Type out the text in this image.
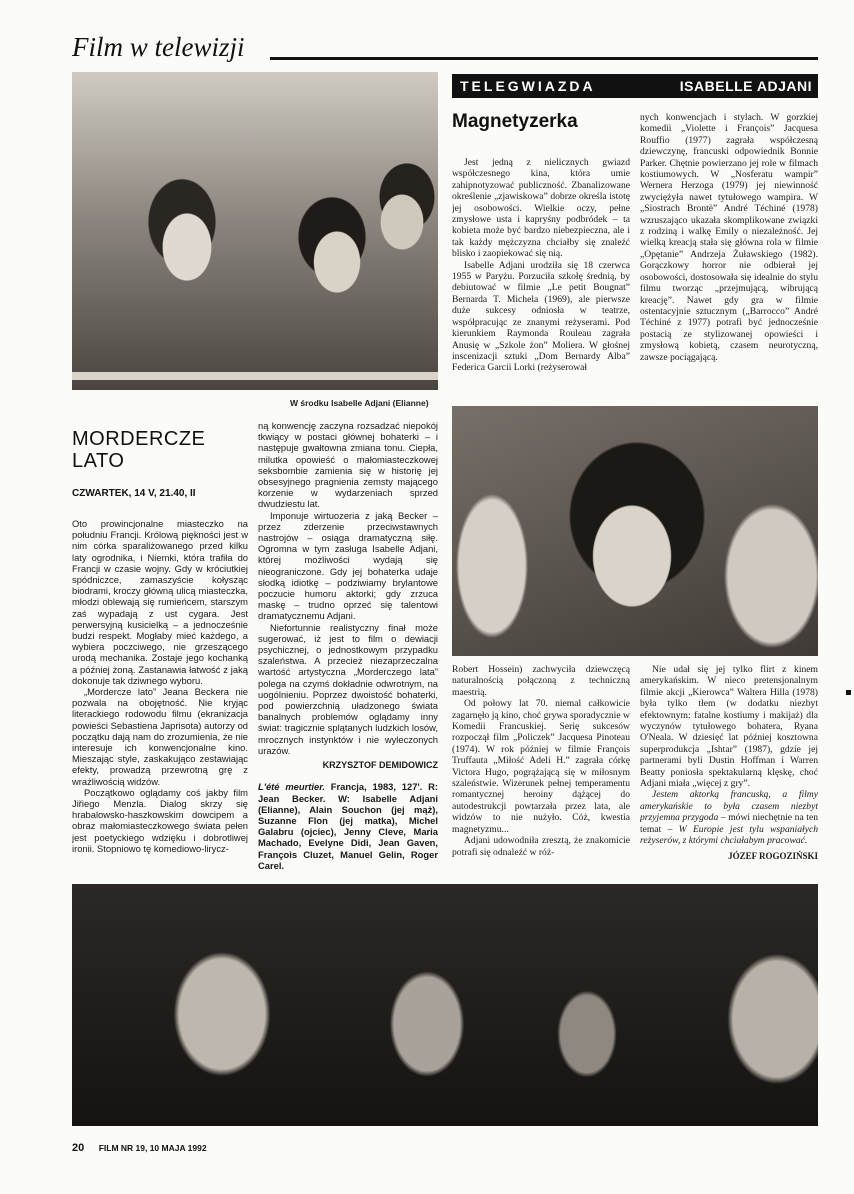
Film w telewizji
W środku Isabelle Adjani (Elianne)
TELEGWIAZDA	ISABELLE ADJANI
Magnetyzerka

Jest jedną z nielicznych gwiazd współczesnego kina, która umie zahipnotyzować publiczność. Zbanalizowane określenie „zjawiskowa” dobrze określa istotę jej osobowości. Wielkie oczy, pełne zmysłowe usta i kapryśny podbródek – ta kobieta może być bardzo niebezpieczna, ale i tak każdy mężczyzna chciałby się znaleźć blisko i zaopiekować się nią.

Isabelle Adjani urodziła się 18 czerwca 1955 w Paryżu. Porzuciła szkołę średnią, by debiutować w filmie „Le petit Bougnat” Bernarda T. Michela (1969), ale pierwsze duże sukcesy odniosła w teatrze, współpracując ze znanymi reżyserami. Pod kierunkiem Raymonda Rouleau zagrała Anusię w „Szkole żon” Moliera. W głośnej inscenizacji sztuki „Dom Bernardy Alba” Federica Garcii Lorki (reżyserował

nych konwencjach i stylach. W gorzkiej komedii „Violette i François” Jacquesa Rouffio (1977) zagrała współczesną dziewczynę, francuski odpowiednik Bonnie Parker. Chętnie powierzano jej role w filmach kostiumowych. W „Nosferatu wampir” Wernera Herzoga (1979) jej niewinność zwyciężyła nawet tytułowego wampira. W „Siostrach Brontë” André Téchiné (1978) wzruszająco ukazała skomplikowane związki z rodziną i walkę Emily o niezależność. Jej wielką kreacją stała się główna rola w filmie „Opętanie” Andrzeja Żuławskiego (1982). Gorączkowy horror nie odbierał jej osobowości, dostosowała się idealnie do stylu filmu tworząc „przejmującą, wibrującą kreację”. Nawet gdy gra w filmie ostentacyjnie sztucznym („Barrocco” André Téchiné z 1977) potrafi być jednocześnie postacią ze stylizowanej opowieści i zmysłową kobietą, czasem neurotyczną, zawsze pociągającą.

Robert Hossein) zachwyciła dziewczęcą naturalnością połączoną z techniczną maestrią.

Od połowy lat 70. niemal całkowicie zagarnęło ją kino, choć grywa sporadycznie w Komedii Francuskiej. Serię sukcesów rozpoczął film „Policzek” Jacquesa Pinoteau (1974). W rok później w filmie François Truffauta „Miłość Adeli H.” zagrała córkę Victora Hugo, pogrążającą się w miłosnym szaleństwie. Wizerunek pełnej temperamentu romantycznej heroiny dążącej do autodestrukcji powtarzała przez lata, ale widzów to nie nużyło. Cóż, kwestia magnetyzmu...

Adjani udowodniła zresztą, że znakomicie potrafi się odnaleźć w róż-

Nie udał się jej tylko flirt z kinem amerykańskim. W nieco pretensjonalnym filmie akcji „Kierowca” Waltera Hilla (1978) była tylko tłem (w dodatku niezbyt efektownym: fatalne kostiumy i makijaż) dla wyczynów tytułowego bohatera, Ryana O'Neala. W dziesięć lat później kosztowna superprodukcja „Ishtar” (1987), gdzie jej partnerami byli Dustin Hoffman i Warren Beatty poniosła spektakularną klęskę, choć Adjani miała „więcej z gry”.

Jestem aktorką francuską, a filmy amerykańskie to była czasem niezbyt przyjemna przygoda – mówi niechętnie na ten temat – W Europie jest tylu wspaniałych reżyserów, z którymi chciałabym pracować.

JÓZEF ROGOZIŃSKI

MORDERCZE LATO
CZWARTEK, 14 V, 21.40, II

Oto prowincjonalne miasteczko na południu Francji. Królową piękności jest w nim córka sparaliżowanego przed kilku laty ogrodnika, i Niemki, która trafiła do Francji w czasie wojny. Gdy w króciutkiej spódniczce, zamaszyście kołysząc biodrami, kroczy główną ulicą miasteczka, młodzi oblewają się rumieńcem, starszym zaś wypadają z ust cygara. Jest perwersyjną kusicielką – a jednocześnie budzi respekt. Mogłaby mieć każdego, a wybiera poczciwego, nie grzeszącego urodą mechanika. Zostaje jego kochanką a później żoną. Zastanawia łatwość z jaką dokonuje tak dziwnego wyboru.

„Mordercze lato” Jeana Beckera nie pozwala na obojętność. Nie kryjąc literackiego rodowodu filmu (ekranizacja powieści Sebastiena Japrisota) autorzy od początku dają nam do zrozumienia, że nie interesuje ich konwencjonalne kino. Mieszając style, zaskakująco zestawiając efekty, prowadzą przewrotną grę z wrażliwością widzów.

Początkowo oglądamy coś jakby film Jiřiego Menzla. Dialog skrzy się hrabalowsko-haszkowskim dowcipem a obraz małomiasteczkowego świata pełen jest poetyckiego wdzięku i dobrotliwej ironii. Stopniowo tę komediowo-lirycz-

ną konwencję zaczyna rozsadzać niepokój tkwiący w postaci głównej bohaterki – i następuje gwałtowna zmiana tonu. Ciepła, milutka opowieść o małomiasteczkowej seksbombie zamienia się w historię jej obsesyjnego pragnienia zemsty mającego korzenie w wydarzeniach sprzed dwudziestu lat.

Imponuje wirtuozeria z jaką Becker – przez zderzenie przeciwstawnych nastrojów – osiąga dramatyczną siłę. Ogromna w tym zasługa Isabelle Adjani, której możliwości wydają się nieograniczone. Gdy jej bohaterka udaje słodką idiotkę – podziwiamy brylantowe poczucie humoru aktorki; gdy zrzuca maskę – trudno oprzeć się talentowi dramatycznemu Adjani.

Niefortunnie realistyczny finał może sugerować, iż jest to film o dewiacji psychicznej, o jednostkowym przypadku szaleństwa. A przecież niezaprzeczalna wartość artystyczna „Morderczego lata” polega na czymś dokładnie odwrotnym, na uogólnieniu. Poprzez dwoistość bohaterki, pod powierzchnią uładzonego świata banalnych problemów oglądamy inny świat: tragicznie splątanych ludzkich losów, mrocznych instynktów i nie wyleczonych urazów.

KRZYSZTOF DEMIDOWICZ

L'été meurtier. Francja, 1983, 127'. R: Jean Becker. W: Isabelle Adjani (Elianne), Alain Souchon (jej mąż), Suzanne Flon (jej matka), Michel Galabru (ojciec), Jenny Cleve, Maria Machado, Evelyne Didi, Jean Gaven, François Cluzet, Manuel Gelin, Roger Carel.

20 FILM NR 19, 10 MAJA 1992
